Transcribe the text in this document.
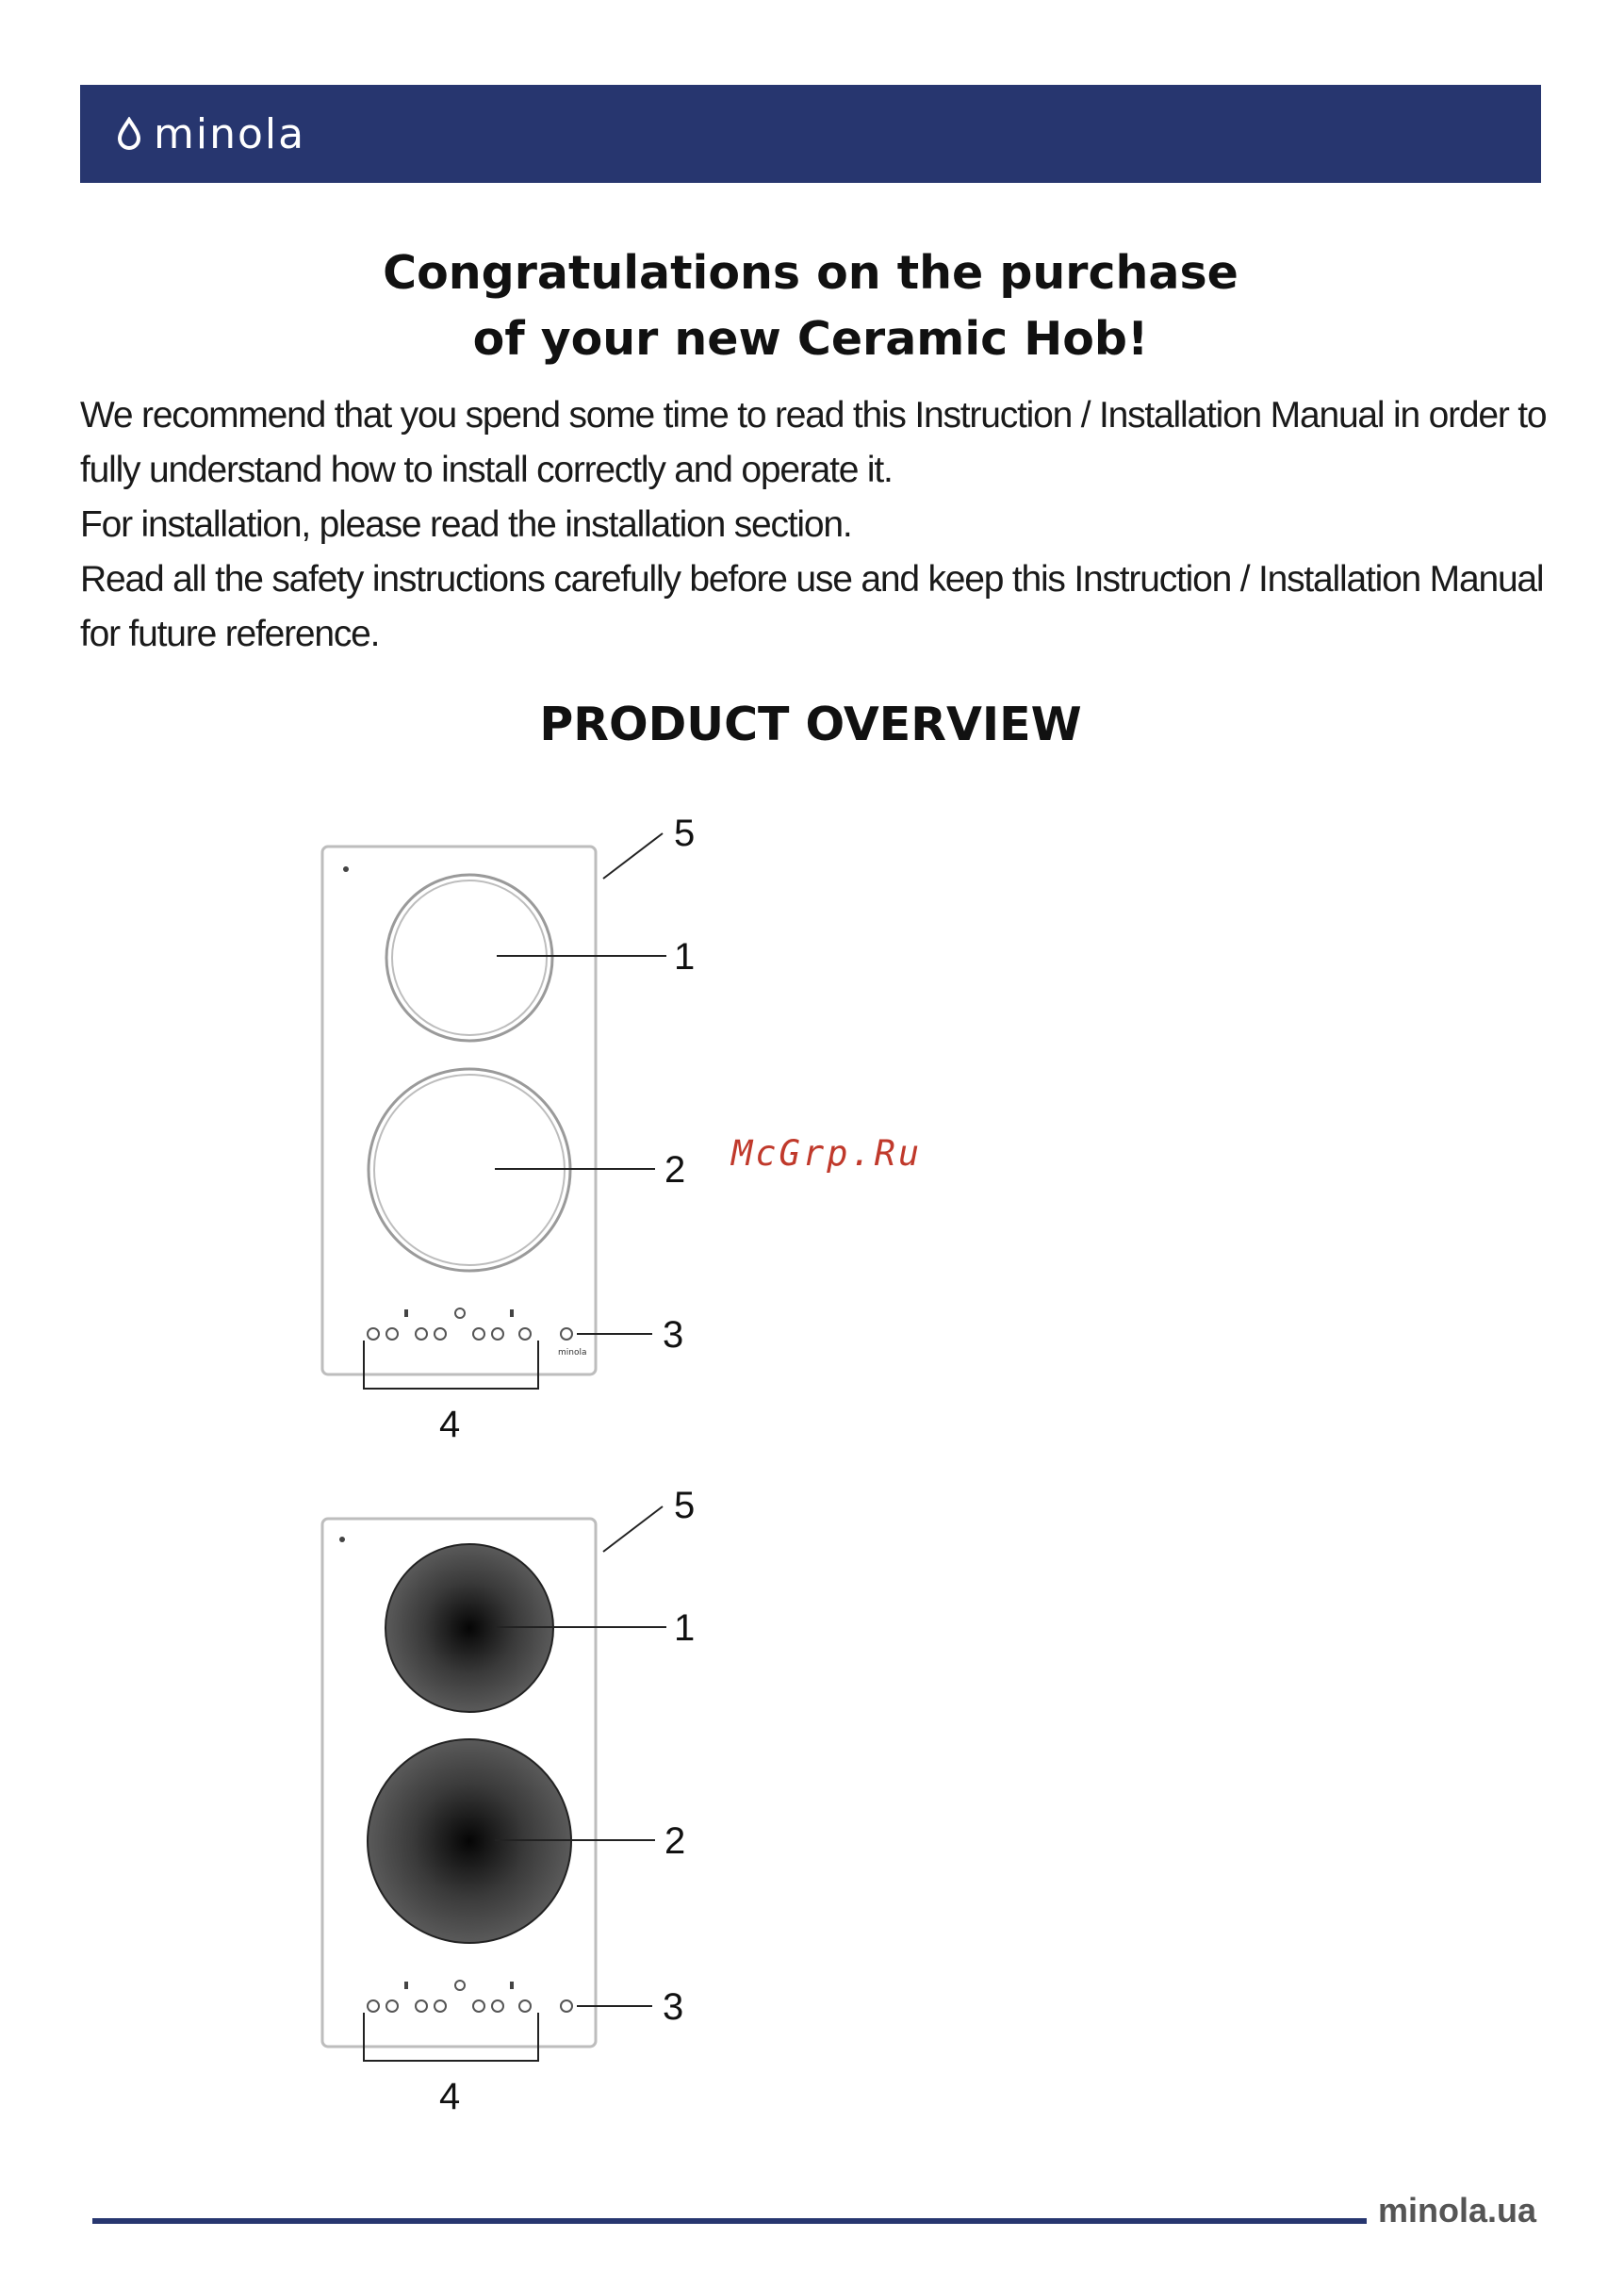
minola
Congratulations on the purchase
of your new Ceramic Hob!

We recommend that you spend some time to read this Instruction / Installation Manual in order to fully understand how to install correctly and operate it.

For installation, please read the installation section.

Read all the safety instructions carefully before use and keep this Instruction / Installation Manual for future reference.

PRODUCT OVERVIEW
minola
5
1
2
3
4
5
1
2
3
4
McGrp.Ru
minola.ua
